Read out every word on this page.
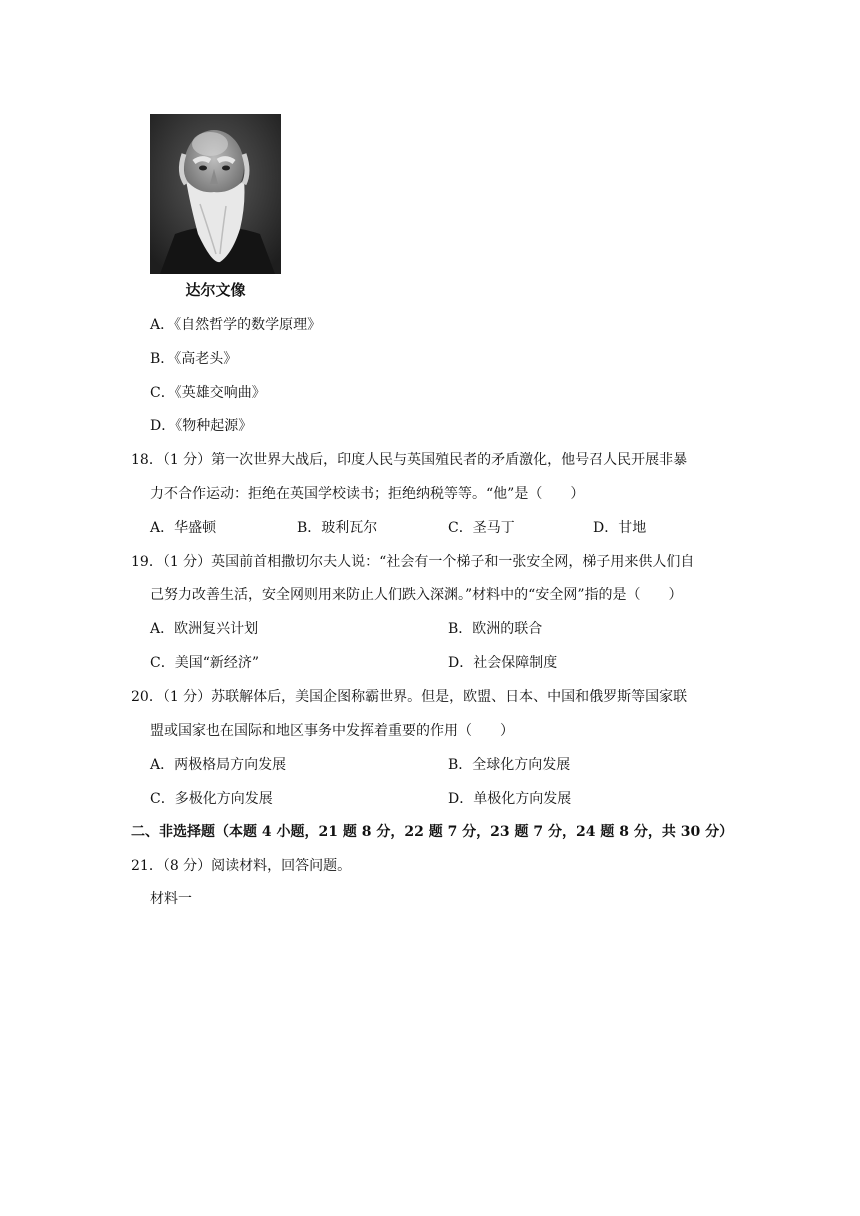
达尔文像
A．《自然哲学的数学原理》
B．《高老头》
C．《英雄交响曲》
D．《物种起源》
18．（1 分）第一次世界大战后，印度人民与英国殖民者的矛盾激化，他号召人民开展非暴
力不合作运动：拒绝在英国学校读书；拒绝纳税等等。“他”是（　　）
A．华盛顿	B．玻利瓦尔	C．圣马丁	D．甘地
19．（1 分）英国前首相撒切尔夫人说：“社会有一个梯子和一张安全网，梯子用来供人们自
己努力改善生活，安全网则用来防止人们跌入深渊。”材料中的“安全网”指的是（　　）
A．欧洲复兴计划	B．欧洲的联合
C．美国“新经济”	D．社会保障制度
20．（1 分）苏联解体后，美国企图称霸世界。但是，欧盟、日本、中国和俄罗斯等国家联
盟或国家也在国际和地区事务中发挥着重要的作用（　　）
A．两极格局方向发展	B．全球化方向发展
C．多极化方向发展	D．单极化方向发展
二、非选择题（本题 4 小题，21 题 8 分，22 题 7 分，23 题 7 分，24 题 8 分，共 30 分）
21．（8 分）阅读材料，回答问题。
材料一
